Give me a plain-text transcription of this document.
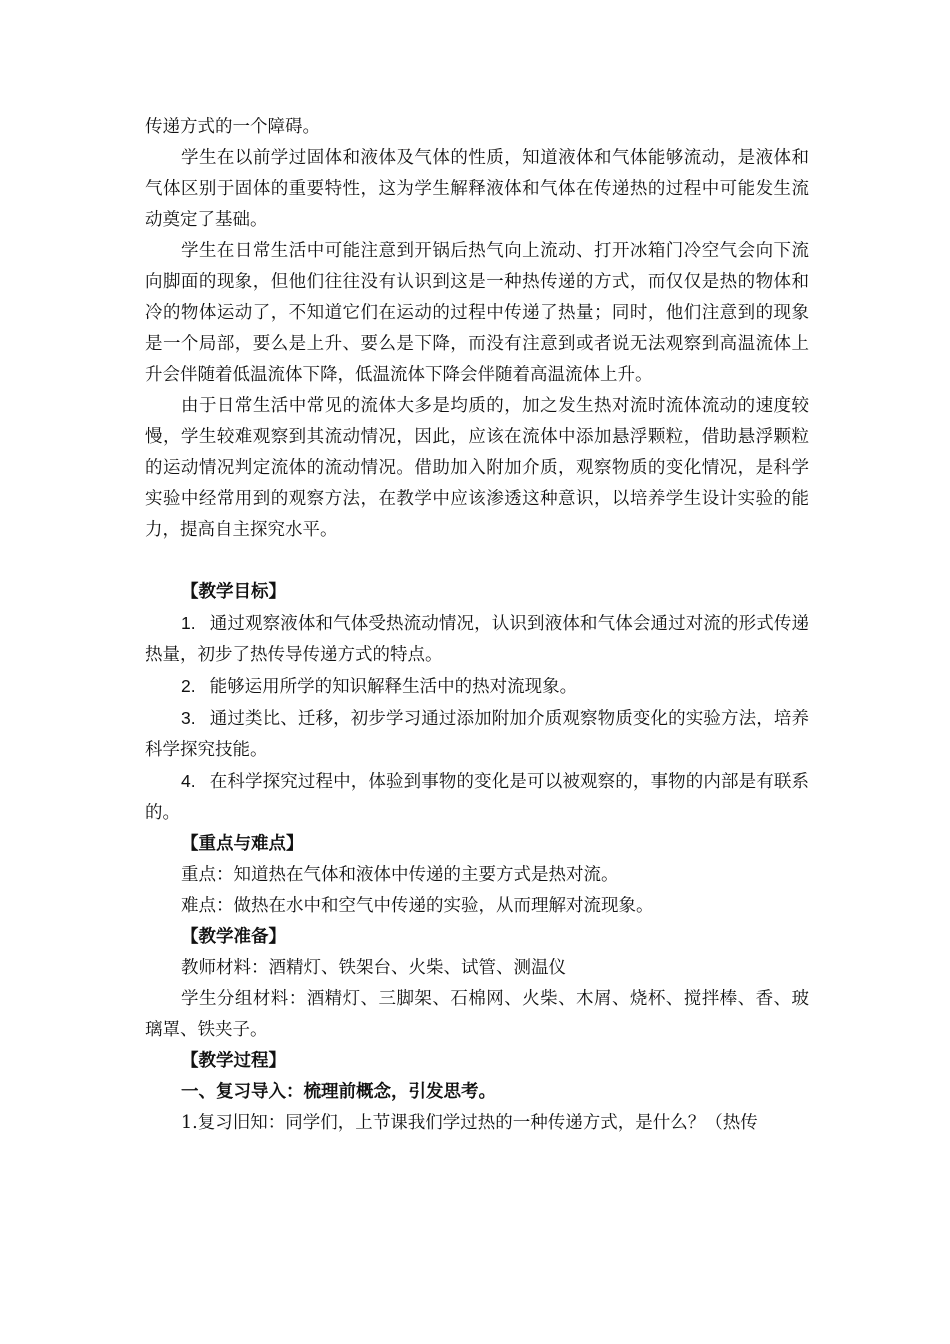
传递方式的一个障碍。

学生在以前学过固体和液体及气体的性质，知道液体和气体能够流动，是液体和气体区别于固体的重要特性，这为学生解释液体和气体在传递热的过程中可能发生流动奠定了基础。

学生在日常生活中可能注意到开锅后热气向上流动、打开冰箱门冷空气会向下流向脚面的现象，但他们往往没有认识到这是一种热传递的方式，而仅仅是热的物体和冷的物体运动了，不知道它们在运动的过程中传递了热量；同时，他们注意到的现象是一个局部，要么是上升、要么是下降，而没有注意到或者说无法观察到高温流体上升会伴随着低温流体下降，低温流体下降会伴随着高温流体上升。

由于日常生活中常见的流体大多是均质的，加之发生热对流时流体流动的速度较慢，学生较难观察到其流动情况，因此，应该在流体中添加悬浮颗粒，借助悬浮颗粒的运动情况判定流体的流动情况。借助加入附加介质，观察物质的变化情况，是科学实验中经常用到的观察方法，在教学中应该渗透这种意识，以培养学生设计实验的能力，提高自主探究水平。

【教学目标】

1. 通过观察液体和气体受热流动情况，认识到液体和气体会通过对流的形式传递热量，初步了热传导传递方式的特点。

2. 能够运用所学的知识解释生活中的热对流现象。

3. 通过类比、迁移，初步学习通过添加附加介质观察物质变化的实验方法，培养科学探究技能。

4. 在科学探究过程中，体验到事物的变化是可以被观察的，事物的内部是有联系的。

【重点与难点】

重点：知道热在气体和液体中传递的主要方式是热对流。

难点：做热在水中和空气中传递的实验，从而理解对流现象。

【教学准备】

教师材料：酒精灯、铁架台、火柴、试管、测温仪

学生分组材料：酒精灯、三脚架、石棉网、火柴、木屑、烧杯、搅拌棒、香、玻璃罩、铁夹子。

【教学过程】

一、复习导入：梳理前概念，引发思考。

1.复习旧知：同学们，上节课我们学过热的一种传递方式，是什么？（热传
